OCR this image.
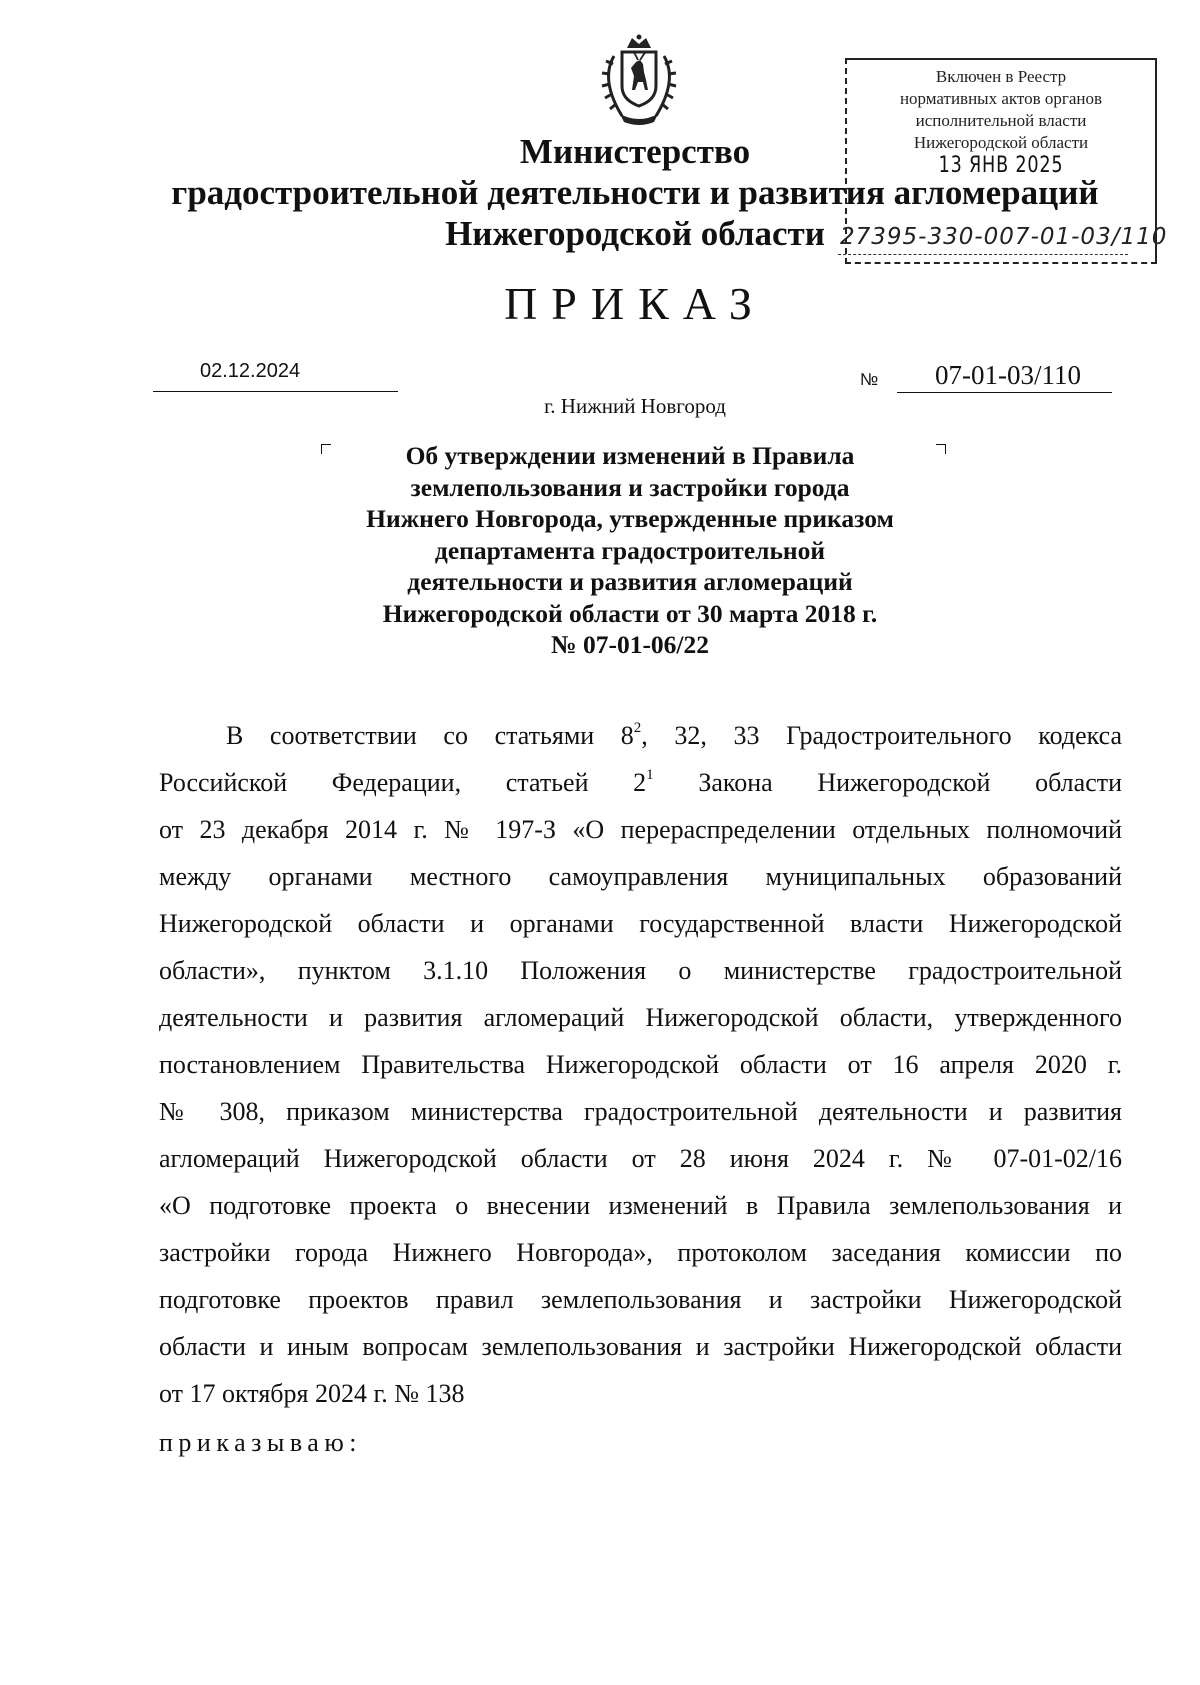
Министерство
градостроительной деятельности и развития агломераций
Нижегородской области
Включен в Реестр
нормативных актов органов
исполнительной власти
Нижегородской области
13 ЯНВ 2025
27395-330-007-01-03/110
ПРИКАЗ
02.12.2024	№ 07-01-03/110
г. Нижний Новгород
Об утверждении изменений в Правила
землепользования и застройки города
Нижнего Новгорода, утвержденные приказом
департамента градостроительной
деятельности и развития агломераций
Нижегородской области от 30 марта 2018 г.
№ 07-01-06/22
В соответствии со статьями $8^2$, 32, 33 Градостроительного кодекса
Российской Федерации, статьей $2^1$ Закона Нижегородской области
от 23 декабря 2014 г. № 197-З «О перераспределении отдельных полномочий
между органами местного самоуправления муниципальных образований
Нижегородской области и органами государственной власти Нижегородской
области», пунктом 3.1.10 Положения о министерстве градостроительной
деятельности и развития агломераций Нижегородской области, утвержденного
постановлением Правительства Нижегородской области от 16 апреля 2020 г.
№ 308, приказом министерства градостроительной деятельности и развития
агломераций Нижегородской области от 28 июня 2024 г. № 07-01-02/16
«О подготовке проекта о внесении изменений в Правила землепользования и
застройки города Нижнего Новгорода», протоколом заседания комиссии по
подготовке проектов правил землепользования и застройки Нижегородской
области и иным вопросам землепользования и застройки Нижегородской области
от 17 октября 2024 г. № 138
приказываю:
